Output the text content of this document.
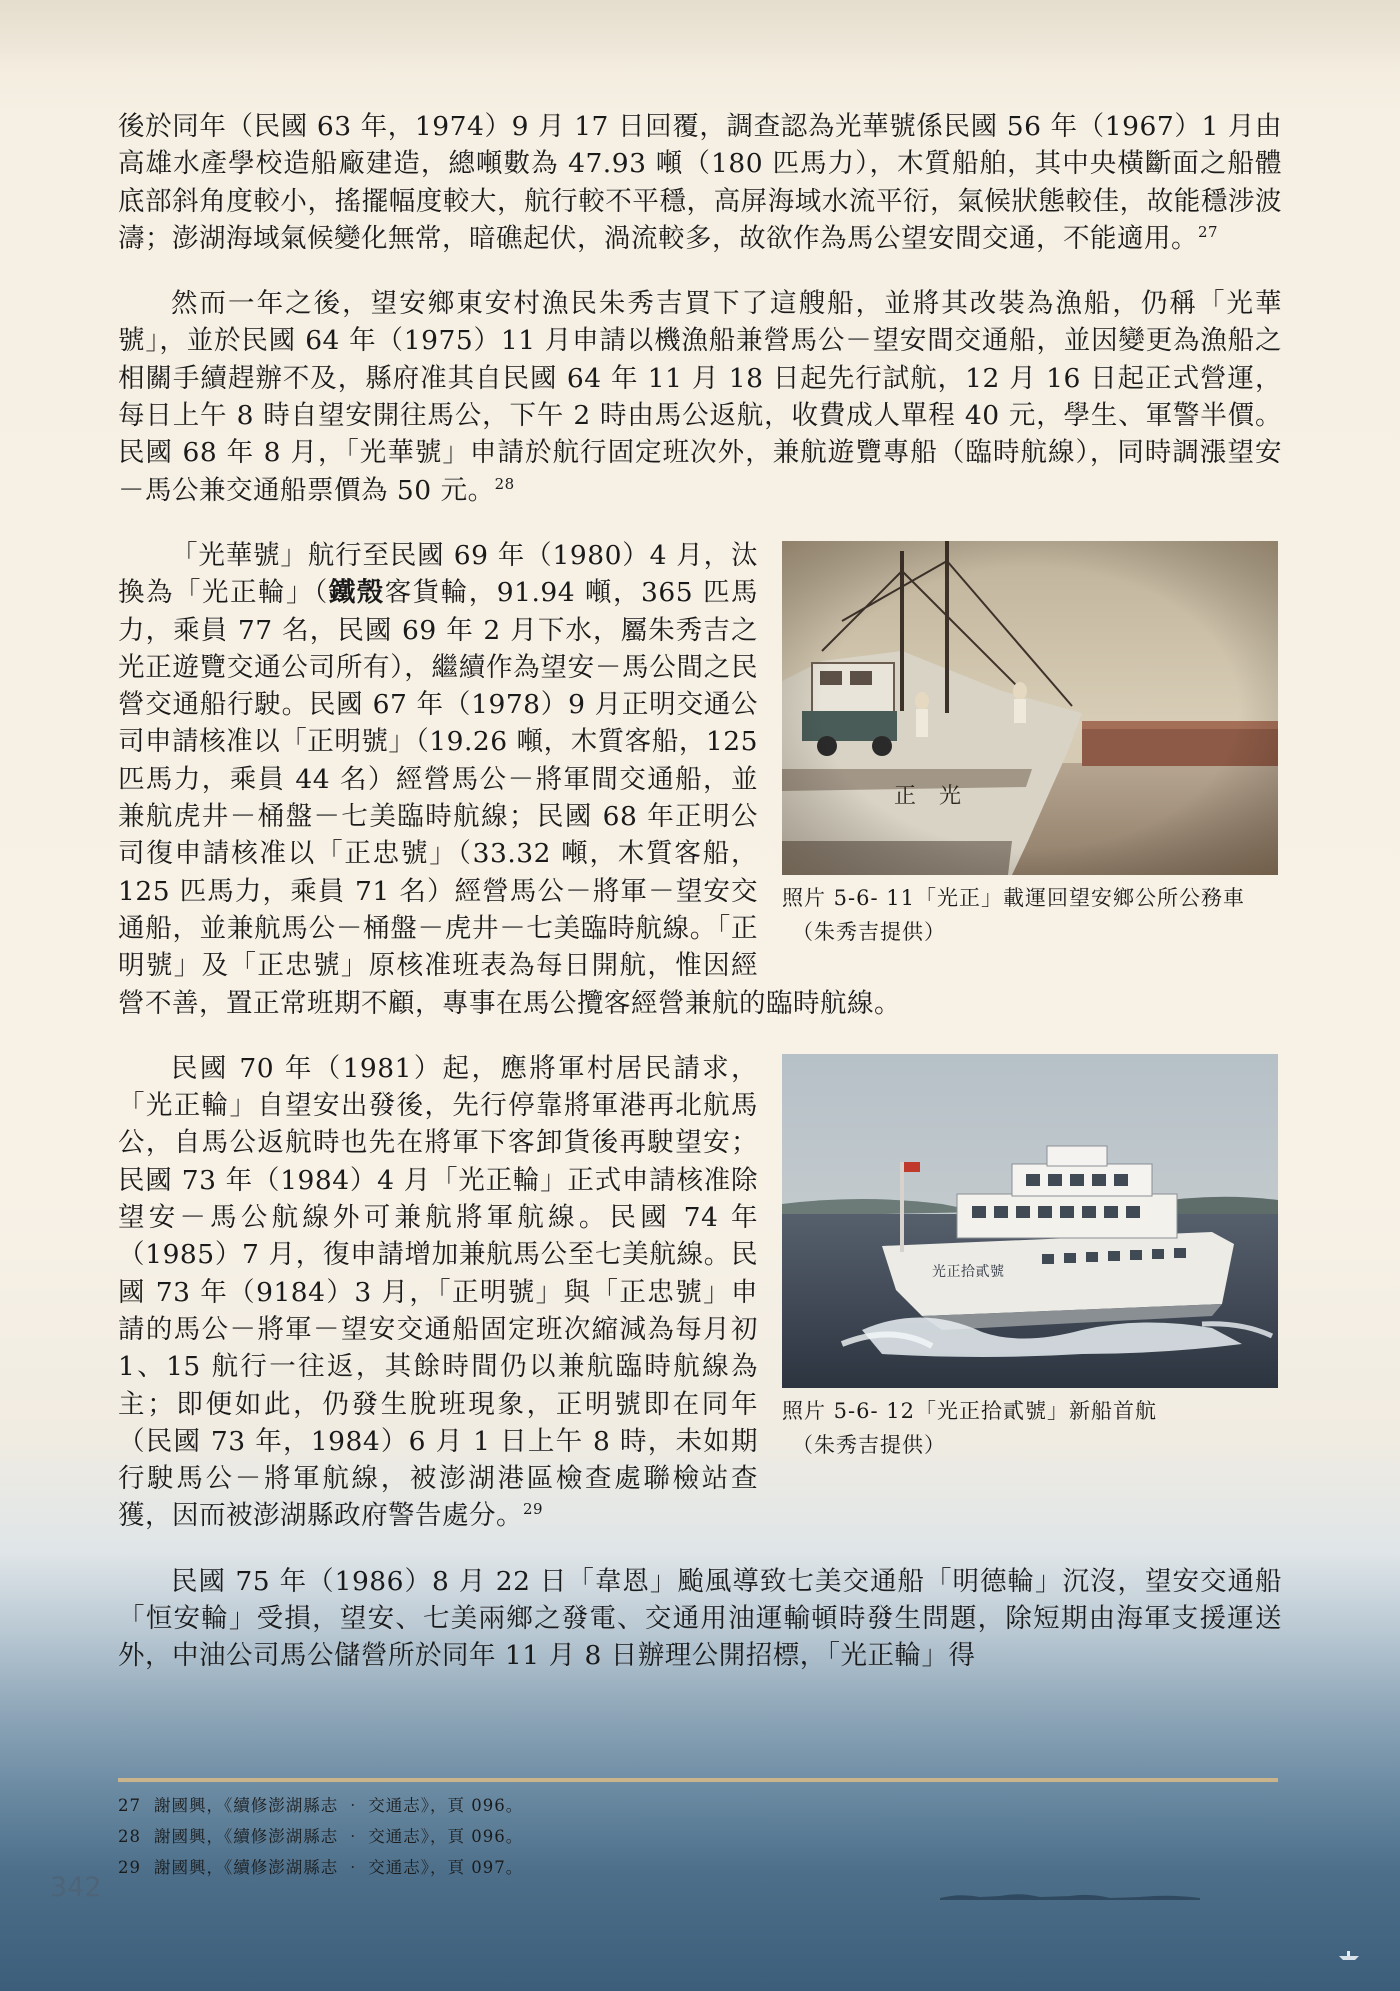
後於同年（民國 63 年，1974）9 月 17 日回覆，調查認為光華號係民國 56 年（1967）1 月由高雄水產學校造船廠建造，總噸數為 47.93 噸（180 匹馬力），木質船舶，其中央橫斷面之船體底部斜角度較小，搖擺幅度較大，航行較不平穩，高屏海域水流平衍，氣候狀態較佳，故能穩涉波濤；澎湖海域氣候變化無常，暗礁起伏，渦流較多，故欲作為馬公望安間交通，不能適用。$^{27}$

然而一年之後，望安鄉東安村漁民朱秀吉買下了這艘船，並將其改裝為漁船，仍稱「光華號」，並於民國 64 年（1975）11 月申請以機漁船兼營馬公－望安間交通船，並因變更為漁船之相關手續趕辦不及，縣府准其自民國 64 年 11 月 18 日起先行試航，12 月 16 日起正式營運，每日上午 8 時自望安開往馬公，下午 2 時由馬公返航，收費成人單程 40 元，學生、軍警半價。民國 68 年 8 月，「光華號」申請於航行固定班次外，兼航遊覽專船（臨時航線），同時調漲望安－馬公兼交通船票價為 50 元。$^{28}$

照片 5-6- 11「光正」載運回望安鄉公所公務車
（朱秀吉提供）

「光華號」航行至民國 69 年（1980）4 月，汰換為「光正輪」（鐵殼客貨輪，91.94 噸，365 匹馬力，乘員 77 名，民國 69 年 2 月下水，屬朱秀吉之光正遊覽交通公司所有），繼續作為望安－馬公間之民營交通船行駛。民國 67 年（1978）9 月正明交通公司申請核准以「正明號」（19.26 噸，木質客船，125 匹馬力，乘員 44 名）經營馬公－將軍間交通船，並兼航虎井－桶盤－七美臨時航線；民國 68 年正明公司復申請核准以「正忠號」（33.32 噸，木質客船，125 匹馬力，乘員 71 名）經營馬公－將軍－望安交通船，並兼航馬公－桶盤－虎井－七美臨時航線。「正明號」及「正忠號」原核准班表為每日開航，惟因經營不善，置正常班期不顧，專事在馬公攬客經營兼航的臨時航線。

光正拾貳號
照片 5-6- 12「光正拾貳號」新船首航
（朱秀吉提供）

民國 70 年（1981）起，應將軍村居民請求，「光正輪」自望安出發後，先行停靠將軍港再北航馬公，自馬公返航時也先在將軍下客卸貨後再駛望安；民國 73 年（1984）4 月「光正輪」正式申請核准除望安－馬公航線外可兼航將軍航線。民國 74 年（1985）7 月，復申請增加兼航馬公至七美航線。民國 73 年（9184）3 月，「正明號」與「正忠號」申請的馬公－將軍－望安交通船固定班次縮減為每月初 1、15 航行一往返，其餘時間仍以兼航臨時航線為主；即便如此，仍發生脫班現象，正明號即在同年（民國 73 年，1984）6 月 1 日上午 8 時，未如期行駛馬公－將軍航線，被澎湖港區檢查處聯檢站查獲，因而被澎湖縣政府警告處分。$^{29}$

民國 75 年（1986）8 月 22 日「韋恩」颱風導致七美交通船「明德輪」沉沒，望安交通船「恒安輪」受損，望安、七美兩鄉之發電、交通用油運輸頓時發生問題，除短期由海軍支援運送外，中油公司馬公儲營所於同年 11 月 8 日辦理公開招標，「光正輪」得

27 謝國興，《續修澎湖縣志 ‧ 交通志》，頁 096。
28 謝國興，《續修澎湖縣志 ‧ 交通志》，頁 096。
29 謝國興，《續修澎湖縣志 ‧ 交通志》，頁 097。
342
